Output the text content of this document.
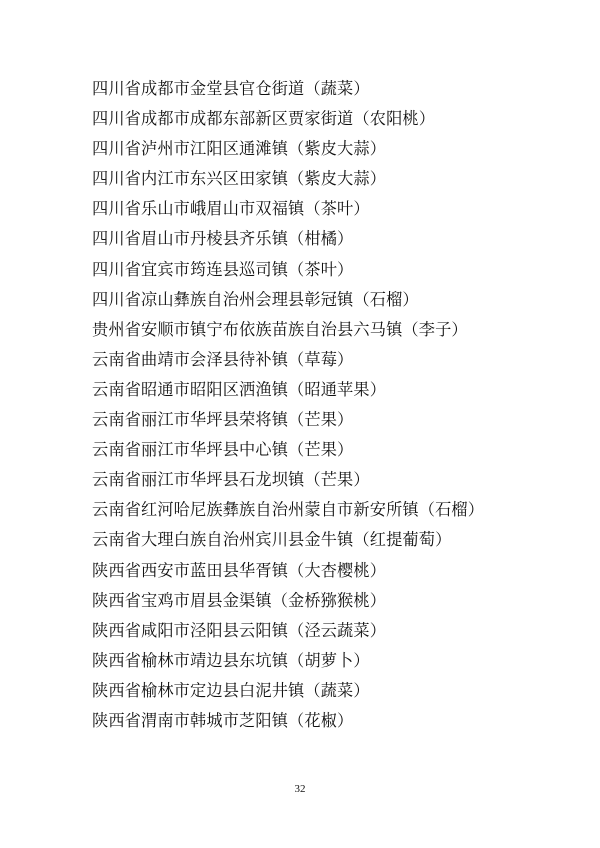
四川省成都市金堂县官仓街道（蔬菜）
四川省成都市成都东部新区贾家街道（农阳桃）
四川省泸州市江阳区通滩镇（紫皮大蒜）
四川省内江市东兴区田家镇（紫皮大蒜）
四川省乐山市峨眉山市双福镇（茶叶）
四川省眉山市丹棱县齐乐镇（柑橘）
四川省宜宾市筠连县巡司镇（茶叶）
四川省凉山彝族自治州会理县彰冠镇（石榴）
贵州省安顺市镇宁布依族苗族自治县六马镇（李子）
云南省曲靖市会泽县待补镇（草莓）
云南省昭通市昭阳区洒渔镇（昭通苹果）
云南省丽江市华坪县荣将镇（芒果）
云南省丽江市华坪县中心镇（芒果）
云南省丽江市华坪县石龙坝镇（芒果）
云南省红河哈尼族彝族自治州蒙自市新安所镇（石榴）
云南省大理白族自治州宾川县金牛镇（红提葡萄）
陕西省西安市蓝田县华胥镇（大杏樱桃）
陕西省宝鸡市眉县金渠镇（金桥猕猴桃）
陕西省咸阳市泾阳县云阳镇（泾云蔬菜）
陕西省榆林市靖边县东坑镇（胡萝卜）
陕西省榆林市定边县白泥井镇（蔬菜）
陕西省渭南市韩城市芝阳镇（花椒）
32
